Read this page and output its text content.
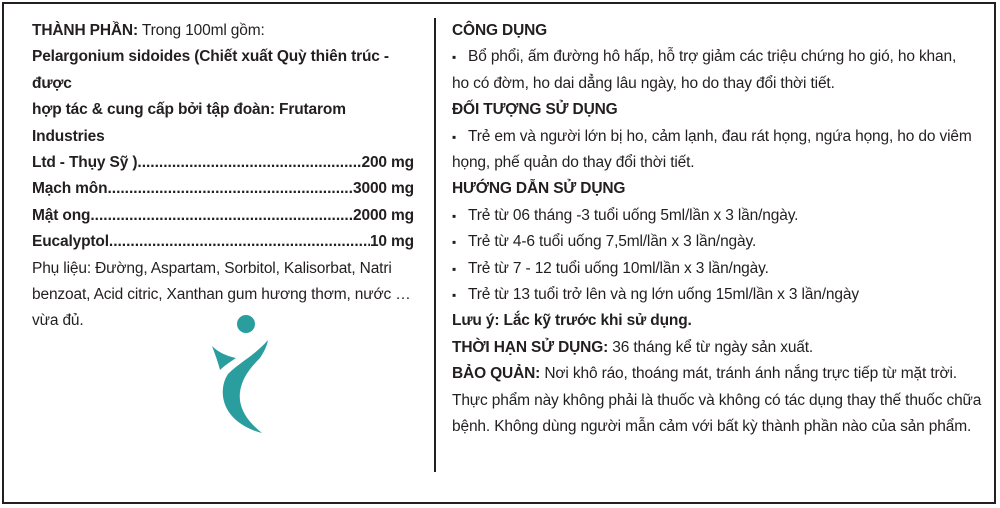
THÀNH PHẦN: Trong 100ml gồm:
Pelargonium sidoides (Chiết xuất Quỳ thiên trúc - được
hợp tác & cung cấp bởi tập đoàn: Frutarom Industries
Ltd - Thụy Sỹ ) .....	200 mg
Mạch môn .....	3000 mg
Mật ong .....	2000 mg
Eucalyptol .....	10 mg
Phụ liệu: Đường, Aspartam, Sorbitol, Kalisorbat, Natri
benzoat, Acid citric, Xanthan gum hương thơm, nước …
vừa đủ.
CÔNG DỤNG
▪ Bổ phổi, ấm đường hô hấp, hỗ trợ giảm các triệu chứng ho gió, ho khan,
ho có đờm, ho dai dẳng lâu ngày, ho do thay đổi thời tiết.
ĐỐI TƯỢNG SỬ DỤNG
▪ Trẻ em và người lớn bị ho, cảm lạnh, đau rát họng, ngứa họng, ho do viêm
họng, phế quản do thay đổi thời tiết.
HƯỚNG DẪN SỬ DỤNG
▪ Trẻ từ 06 tháng -3 tuổi uống 5ml/lần x 3 lần/ngày.
▪ Trẻ từ 4-6 tuổi uống 7,5ml/lần x 3 lần/ngày.
▪ Trẻ từ 7 - 12 tuổi uống 10ml/lần x 3 lần/ngày.
▪ Trẻ từ 13 tuổi trở lên và ng lớn uống 15ml/lần x 3 lần/ngày
Lưu ý: Lắc kỹ trước khi sử dụng.
THỜI HẠN SỬ DỤNG: 36 tháng kể từ ngày sản xuất.
BẢO QUẢN: Nơi khô ráo, thoáng mát, tránh ánh nắng trực tiếp từ mặt trời.
Thực phẩm này không phải là thuốc và không có tác dụng thay thế thuốc chữa
bệnh. Không dùng người mẫn cảm với bất kỳ thành phần nào của sản phẩm.
